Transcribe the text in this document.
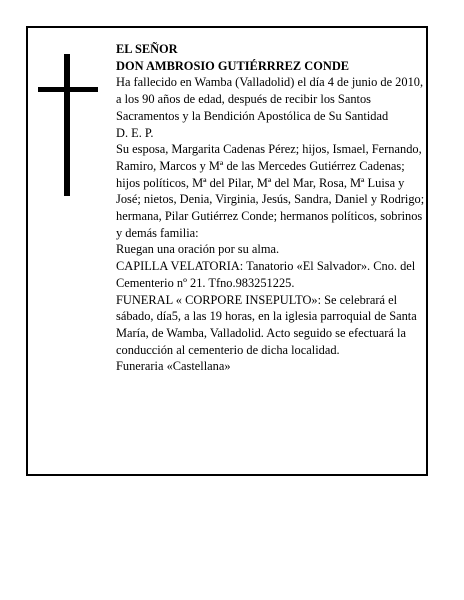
EL SEÑOR

DON AMBROSIO GUTIÉRRREZ CONDE

Ha fallecido en Wamba (Valladolid) el día 4 de junio de 2010, a los 90 años de edad, después de recibir los Santos Sacramentos y la Bendición Apostólica de Su Santidad

D. E. P.

Su esposa, Margarita Cadenas Pérez; hijos, Ismael, Fernando, Ramiro, Marcos y Mª de las Mercedes Gutiérrez Cadenas; hijos políticos, Mª del Pilar, Mª del Mar, Rosa, Mª Luisa y José; nietos, Denia, Virginia, Jesús, Sandra, Daniel y Rodrigo; hermana, Pilar Gutiérrez Conde; hermanos políticos, sobrinos y demás familia:

Ruegan una oración por su alma.

CAPILLA VELATORIA: Tanatorio «El Salvador». Cno. del Cementerio nº 21. Tfno.983251225.

FUNERAL « CORPORE INSEPULTO»: Se celebrará el sábado, día5, a las 19 horas, en la iglesia parroquial de Santa María, de Wamba, Valladolid. Acto seguido se efectuará la conducción al cementerio de dicha localidad.

Funeraria «Castellana»
